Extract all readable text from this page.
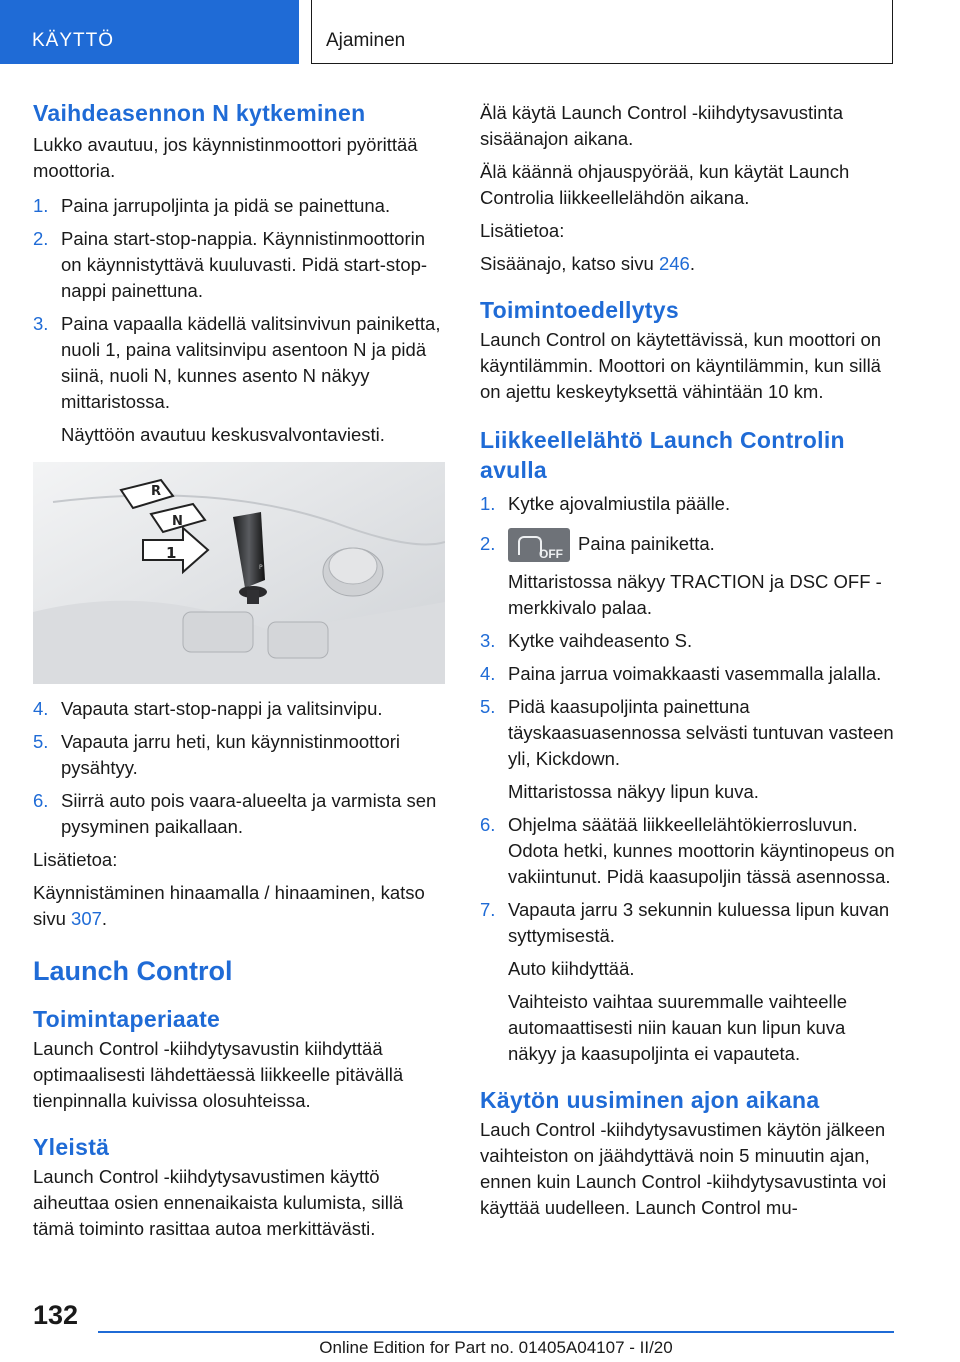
KÄYTTÖ	Ajaminen
Vaihdeasennon N kytkeminen

Lukko avautuu, jos käynnistinmoottori pyörittää moottoria.

1. Paina jarrupoljinta ja pidä se painettuna.
2. Paina start-stop-nappia. Käynnistinmoottorin on käynnistyttävä kuuluvasti. Pidä start-stop-nappi painettuna.
3. Paina vapaalla kädellä valitsinvivun painiketta, nuoli 1, paina valitsinvipu asentoon N ja pidä siinä, nuoli N, kunnes asento N näkyy mittaristossa.
Näyttöön avautuu keskusvalvontaviesti.
R
N
1
P
4. Vapauta start-stop-nappi ja valitsinvipu.
5. Vapauta jarru heti, kun käynnistinmoottori pysähtyy.
6. Siirrä auto pois vaara-alueelta ja varmista sen pysyminen paikallaan.

Lisätietoa:

Käynnistäminen hinaamalla / hinaaminen, katso sivu 307.

Launch Control
Toimintaperiaate

Launch Control -kiihdytysavustin kiihdyttää optimaalisesti lähdettäessä liikkeelle pitävällä tienpinnalla kuivissa olosuhteissa.

Yleistä

Launch Control -kiihdytysavustimen käyttö aiheuttaa osien ennenaikaista kulumista, sillä tämä toiminto rasittaa autoa merkittävästi.

Älä käytä Launch Control -kiihdytysavustinta sisäänajon aikana.

Älä käännä ohjauspyörää, kun käytät Launch Controlia liikkeellelähdön aikana.

Lisätietoa:

Sisäänajo, katso sivu 246.

Toimintoedellytys

Launch Control on käytettävissä, kun moottori on käyntilämmin. Moottori on käyntilämmin, kun sillä on ajettu keskeytyksettä vähintään 10 km.

Liikkeellelähtö Launch Controlin avulla
1. Kytke ajovalmiustila päälle.
2.
OFF
Paina painiketta.
Mittaristossa näkyy TRACTION ja DSC OFF -merkkivalo palaa.
3. Kytke vaihdeasento S.
4. Paina jarrua voimakkaasti vasemmalla jalalla.
5. Pidä kaasupoljinta painettuna täyskaasuasennossa selvästi tuntuvan vasteen yli, Kickdown.
Mittaristossa näkyy lipun kuva.
6. Ohjelma säätää liikkeellelähtökierrosluvun. Odota hetki, kunnes moottorin käyntinopeus on vakiintunut. Pidä kaasupoljin tässä asennossa.
7. Vapauta jarru 3 sekunnin kuluessa lipun kuvan syttymisestä.
Auto kiihdyttää.
Vaihteisto vaihtaa suuremmalle vaihteelle automaattisesti niin kauan kun lipun kuva näkyy ja kaasupoljinta ei vapauteta.
Käytön uusiminen ajon aikana

Lauch Control -kiihdytysavustimen käytön jälkeen vaihteiston on jäähdyttävä noin 5 minuutin ajan, ennen kuin Launch Control -kiihdytysavustinta voi käyttää uudelleen. Launch Control mu-

132
Online Edition for Part no. 01405A04107 - II/20
